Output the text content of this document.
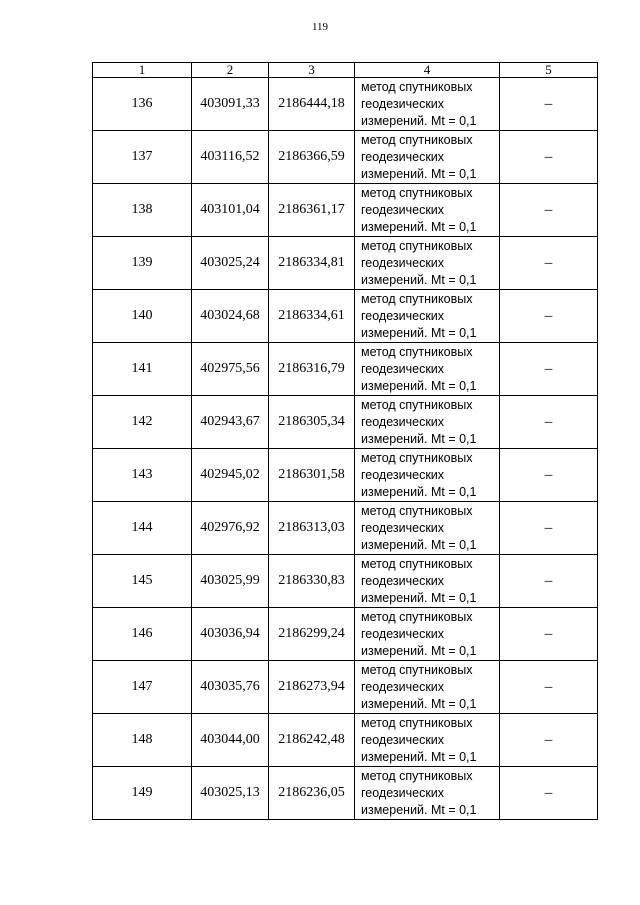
119
1	2	3	4	5
136	403091,33	2186444,18	метод спутниковых
геодезических
измерений. Mt = 0,1	–
137	403116,52	2186366,59	метод спутниковых
геодезических
измерений. Mt = 0,1	–
138	403101,04	2186361,17	метод спутниковых
геодезических
измерений. Mt = 0,1	–
139	403025,24	2186334,81	метод спутниковых
геодезических
измерений. Mt = 0,1	–
140	403024,68	2186334,61	метод спутниковых
геодезических
измерений. Mt = 0,1	–
141	402975,56	2186316,79	метод спутниковых
геодезических
измерений. Mt = 0,1	–
142	402943,67	2186305,34	метод спутниковых
геодезических
измерений. Mt = 0,1	–
143	402945,02	2186301,58	метод спутниковых
геодезических
измерений. Mt = 0,1	–
144	402976,92	2186313,03	метод спутниковых
геодезических
измерений. Mt = 0,1	–
145	403025,99	2186330,83	метод спутниковых
геодезических
измерений. Mt = 0,1	–
146	403036,94	2186299,24	метод спутниковых
геодезических
измерений. Mt = 0,1	–
147	403035,76	2186273,94	метод спутниковых
геодезических
измерений. Mt = 0,1	–
148	403044,00	2186242,48	метод спутниковых
геодезических
измерений. Mt = 0,1	–
149	403025,13	2186236,05	метод спутниковых
геодезических
измерений. Mt = 0,1	–
